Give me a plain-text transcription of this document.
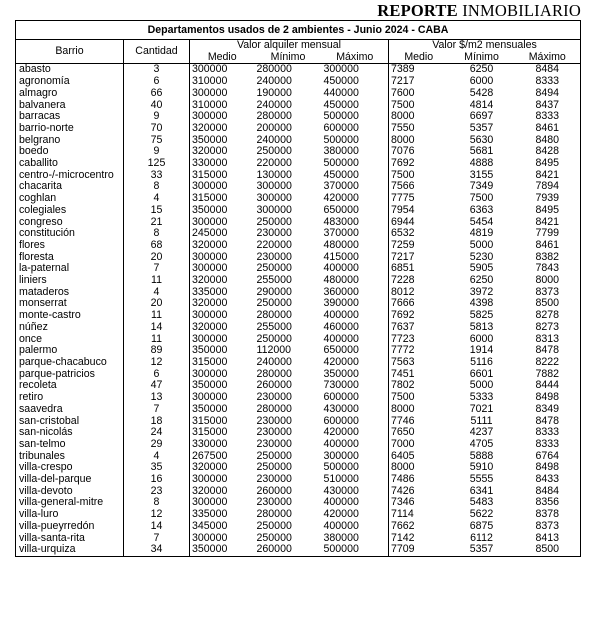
REPORTE INMOBILIARIO
Departamentos usados de 2 ambientes - Junio 2024 - CABA							
Barrio	Cantidad	Valor alquiler mensual			Valor $/m2 mensuales		
		Medio	Mínimo	Máximo	Medio	Mínimo	Máximo
abasto	3	300000	280000	300000	7389	6250	8484
agronomía	6	310000	240000	450000	7217	6000	8333
almagro	66	300000	190000	440000	7600	5428	8494
balvanera	40	310000	240000	450000	7500	4814	8437
barracas	9	300000	280000	500000	8000	6697	8333
barrio-norte	70	320000	200000	600000	7550	5357	8461
belgrano	75	350000	240000	500000	8000	5630	8480
boedo	9	320000	250000	380000	7076	5681	8428
caballito	125	330000	220000	500000	7692	4888	8495
centro-/-microcentro	33	315000	130000	450000	7500	3155	8421
chacarita	8	300000	300000	370000	7566	7349	7894
coghlan	4	315000	300000	420000	7775	7500	7939
colegiales	15	350000	300000	650000	7954	6363	8495
congreso	21	300000	250000	483000	6944	5454	8421
constitución	8	245000	230000	370000	6532	4819	7799
flores	68	320000	220000	480000	7259	5000	8461
floresta	20	300000	230000	415000	7217	5230	8382
la-paternal	7	300000	250000	400000	6851	5905	7843
liniers	11	320000	255000	480000	7228	6250	8000
mataderos	4	335000	290000	360000	8012	3972	8373
monserrat	20	320000	250000	390000	7666	4398	8500
monte-castro	11	300000	280000	400000	7692	5825	8278
núñez	14	320000	255000	460000	7637	5813	8273
once	11	300000	250000	400000	7723	6000	8313
palermo	89	350000	112000	650000	7772	1914	8478
parque-chacabuco	12	315000	240000	420000	7563	5116	8222
parque-patricios	6	300000	280000	350000	7451	6601	7882
recoleta	47	350000	260000	730000	7802	5000	8444
retiro	13	300000	230000	600000	7500	5333	8498
saavedra	7	350000	280000	430000	8000	7021	8349
san-cristobal	18	315000	230000	600000	7746	5111	8478
san-nicolás	24	315000	230000	420000	7650	4237	8333
san-telmo	29	330000	230000	400000	7000	4705	8333
tribunales	4	267500	250000	300000	6405	5888	6764
villa-crespo	35	320000	250000	500000	8000	5910	8498
villa-del-parque	16	300000	230000	510000	7486	5555	8433
villa-devoto	23	320000	260000	430000	7426	6341	8484
villa-general-mitre	8	300000	230000	400000	7346	5483	8356
villa-luro	12	335000	280000	420000	7114	5622	8378
villa-pueyrredón	14	345000	250000	400000	7662	6875	8373
villa-santa-rita	7	300000	250000	380000	7142	6112	8413
villa-urquiza	34	350000	260000	500000	7709	5357	8500
